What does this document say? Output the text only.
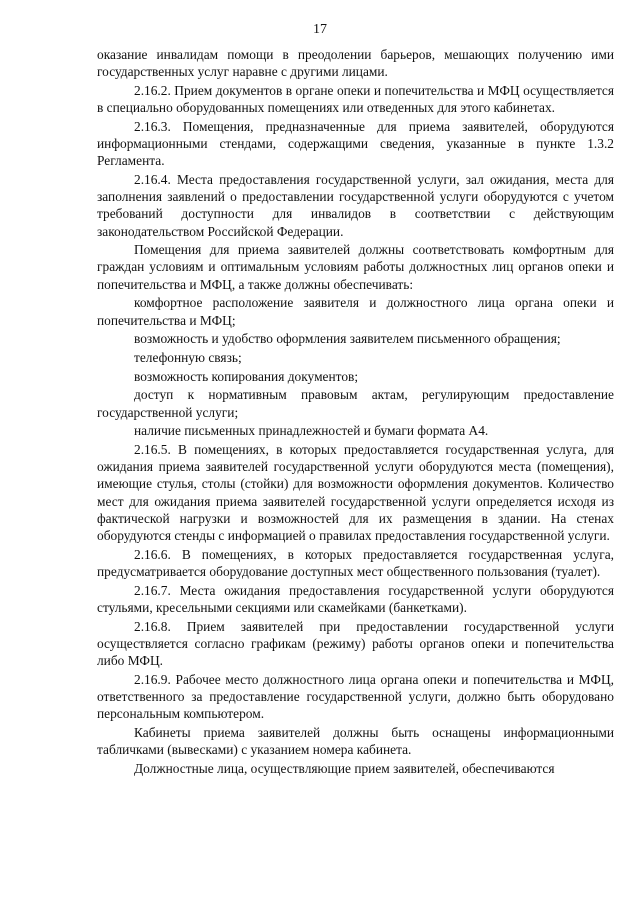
17

оказание инвалидам помощи в преодолении барьеров, мешающих получению ими государственных услуг наравне с другими лицами.

2.16.2. Прием документов в органе опеки и попечительства и МФЦ осуществляется в специально оборудованных помещениях или отведенных для этого кабинетах.

2.16.3. Помещения, предназначенные для приема заявителей, оборудуются информационными стендами, содержащими сведения, указанные в пункте 1.3.2 Регламента.

2.16.4. Места предоставления государственной услуги, зал ожидания, места для заполнения заявлений о предоставлении государственной услуги оборудуются с учетом требований доступности для инвалидов в соответствии с действующим законодательством Российской Федерации.

Помещения для приема заявителей должны соответствовать комфортным для граждан условиям и оптимальным условиям работы должностных лиц органов опеки и попечительства и МФЦ, а также должны обеспечивать:

комфортное расположение заявителя и должностного лица органа опеки и попечительства и МФЦ;

возможность и удобство оформления заявителем письменного обращения;

телефонную связь;

возможность копирования документов;

доступ к нормативным правовым актам, регулирующим предоставление государственной услуги;

наличие письменных принадлежностей и бумаги формата А4.

2.16.5. В помещениях, в которых предоставляется государственная услуга, для ожидания приема заявителей государственной услуги оборудуются места (помещения), имеющие стулья, столы (стойки) для возможности оформления документов. Количество мест для ожидания приема заявителей государственной услуги определяется исходя из фактической нагрузки и возможностей для их размещения в здании. На стенах оборудуются стенды с информацией о правилах предоставления государственной услуги.

2.16.6. В помещениях, в которых предоставляется государственная услуга, предусматривается оборудование доступных мест общественного пользования (туалет).

2.16.7. Места ожидания предоставления государственной услуги оборудуются стульями, кресельными секциями или скамейками (банкетками).

2.16.8. Прием заявителей при предоставлении государственной услуги осуществляется согласно графикам (режиму) работы органов опеки и попечительства либо МФЦ.

2.16.9. Рабочее место должностного лица органа опеки и попечительства и МФЦ, ответственного за предоставление государственной услуги, должно быть оборудовано персональным компьютером.

Кабинеты приема заявителей должны быть оснащены информационными табличками (вывесками) с указанием номера кабинета.

Должностные лица, осуществляющие прием заявителей, обеспечиваются
